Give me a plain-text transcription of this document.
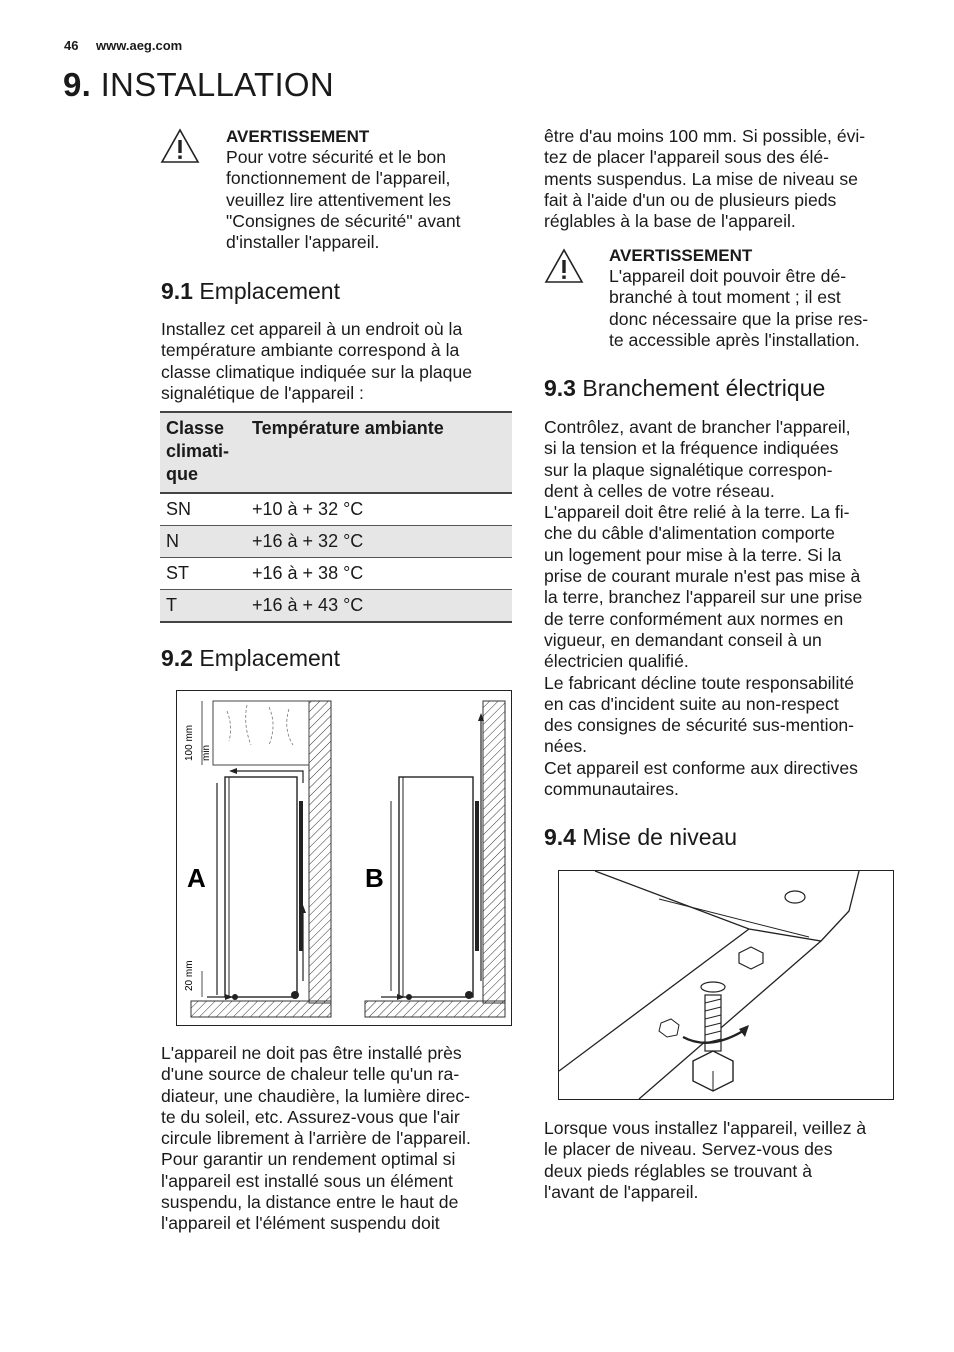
46 www.aeg.com
9. INSTALLATION
AVERTISSEMENT

Pour votre sécurité et le bon

fonctionnement de l'appareil,

veuillez lire attentivement les

"Consignes de sécurité" avant

d'installer l'appareil.

9.1 Emplacement

Installez cet appareil à un endroit où la

température ambiante correspond à la

classe climatique indiquée sur la plaque

signalétique de l'appareil :

Classe
climati-
que	Température ambiante
SN	+10 à + 32 °C
N	+16 à + 32 °C
ST	+16 à + 38 °C
T	+16 à + 43 °C
9.2 Emplacement
100 mm min
20 mm
A	B

L'appareil ne doit pas être installé près

d'une source de chaleur telle qu'un ra-

diateur, une chaudière, la lumière direc-

te du soleil, etc. Assurez-vous que l'air

circule librement à l'arrière de l'appareil.

Pour garantir un rendement optimal si

l'appareil est installé sous un élément

suspendu, la distance entre le haut de

l'appareil et l'élément suspendu doit

être d'au moins 100 mm. Si possible, évi-

tez de placer l'appareil sous des élé-

ments suspendus. La mise de niveau se

fait à l'aide d'un ou de plusieurs pieds

réglables à la base de l'appareil.

AVERTISSEMENT

L'appareil doit pouvoir être dé-

branché à tout moment ; il est

donc nécessaire que la prise res-

te accessible après l'installation.

9.3 Branchement électrique

Contrôlez, avant de brancher l'appareil,

si la tension et la fréquence indiquées

sur la plaque signalétique correspon-

dent à celles de votre réseau.

L'appareil doit être relié à la terre. La fi-

che du câble d'alimentation comporte

un logement pour mise à la terre. Si la

prise de courant murale n'est pas mise à

la terre, branchez l'appareil sur une prise

de terre conformément aux normes en

vigueur, en demandant conseil à un

électricien qualifié.

Le fabricant décline toute responsabilité

en cas d'incident suite au non-respect

des consignes de sécurité sus-mention-

nées.

Cet appareil est conforme aux directives

communautaires.

9.4 Mise de niveau

Lorsque vous installez l'appareil, veillez à

le placer de niveau. Servez-vous des

deux pieds réglables se trouvant à

l'avant de l'appareil.
